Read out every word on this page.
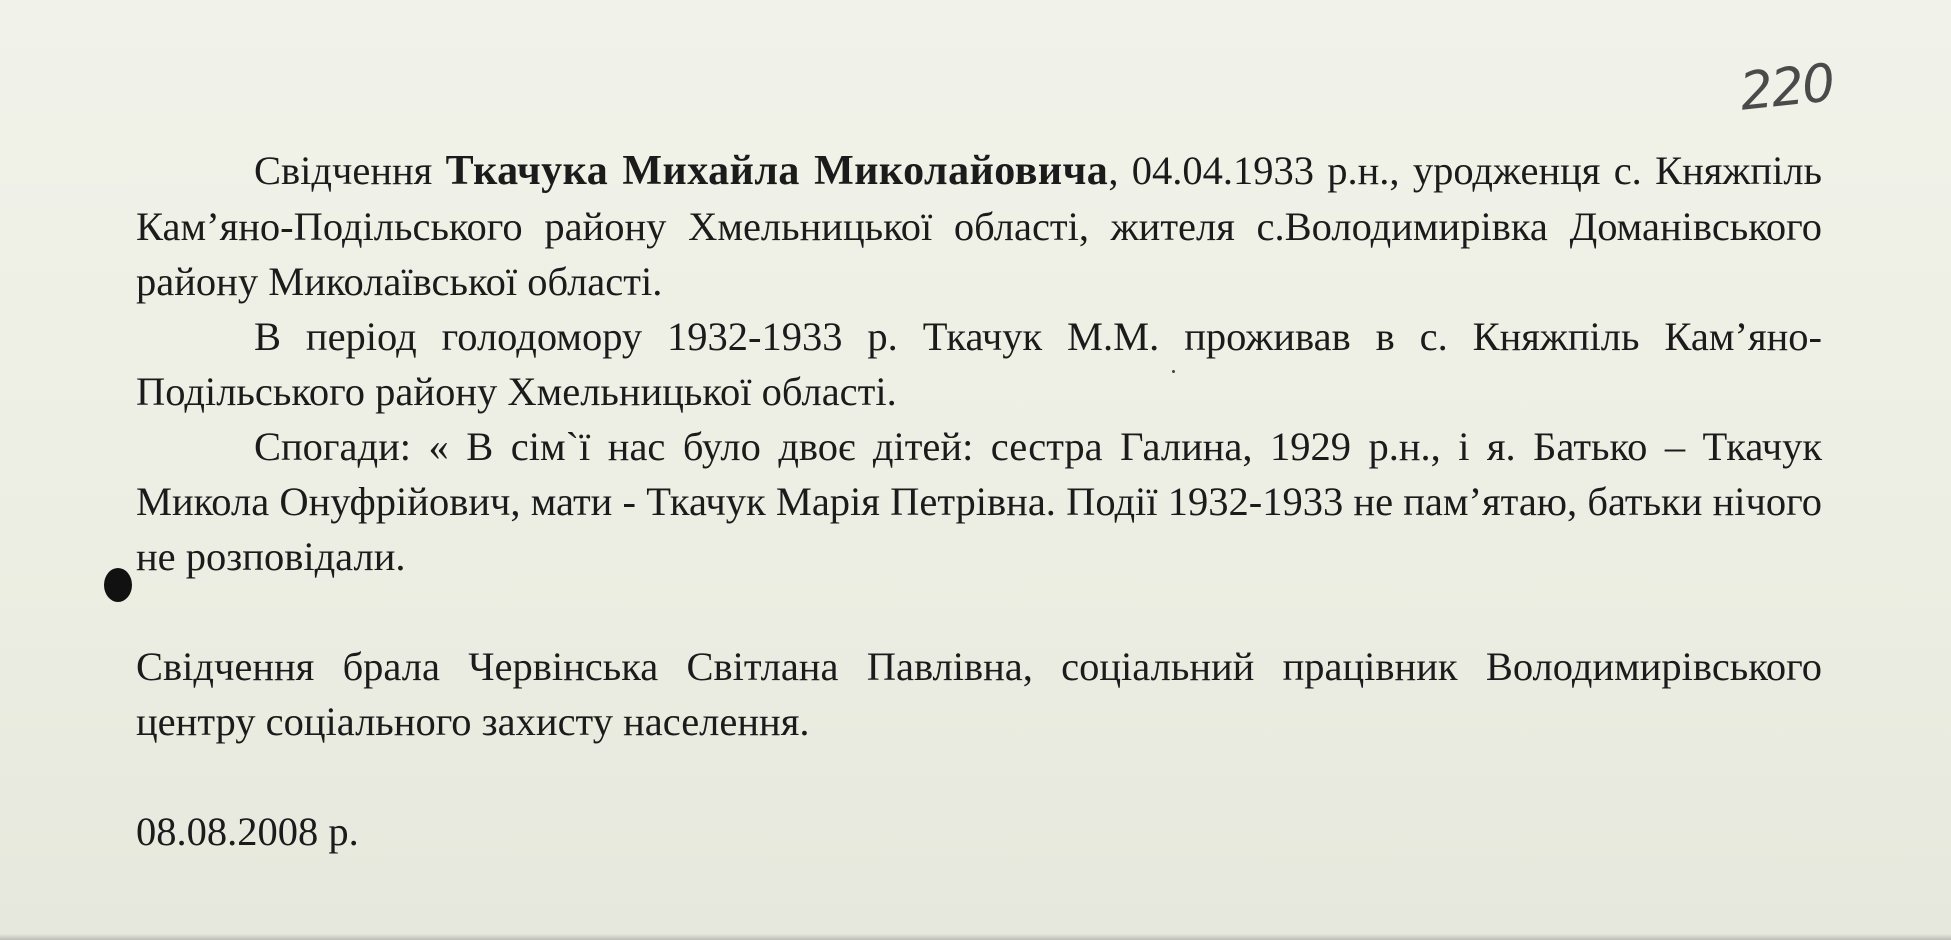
220

Свідчення Ткачука Михайла Миколайовича, 04.04.1933 р.н., уродженця с. Княжпіль Кам’яно-Подільського району Хмельницької області, жителя с.Володимирівка Доманівського району Миколаївської області.

В період голодомору 1932-1933 р. Ткачук М.М. проживав в с. Княжпіль Кам’яно-Подільського району Хмельницької області.

Спогади: « В сім`ї нас було двоє дітей: сестра Галина, 1929 р.н., і я. Батько – Ткачук Микола Онуфрійович, мати - Ткачук Марія Петрівна. Події 1932-1933 не пам’ятаю, батьки нічого не розповідали.

Свідчення брала Червінська Світлана Павлівна, соціальний працівник Володимирівського центру соціального захисту населення.

08.08.2008 р.
